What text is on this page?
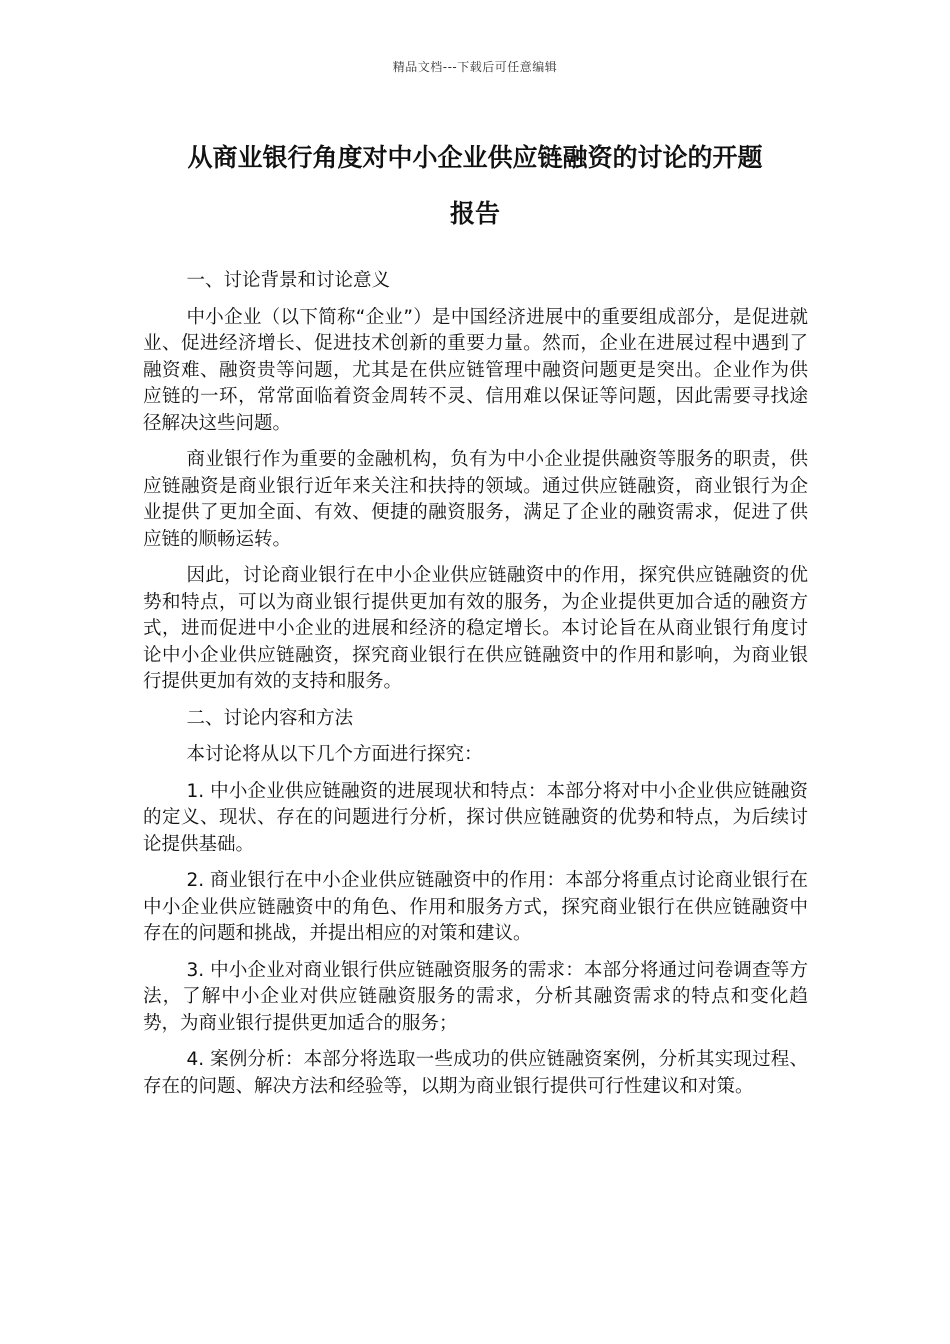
精品文档---下载后可任意编辑
从商业银行角度对中小企业供应链融资的讨论的开题
报告

一、讨论背景和讨论意义

中小企业（以下简称“企业”）是中国经济进展中的重要组成部分，是促进就业、促进经济增长、促进技术创新的重要力量。然而，企业在进展过程中遇到了融资难、融资贵等问题，尤其是在供应链管理中融资问题更是突出。企业作为供应链的一环，常常面临着资金周转不灵、信用难以保证等问题，因此需要寻找途径解决这些问题。

商业银行作为重要的金融机构，负有为中小企业提供融资等服务的职责，供应链融资是商业银行近年来关注和扶持的领域。通过供应链融资，商业银行为企业提供了更加全面、有效、便捷的融资服务，满足了企业的融资需求，促进了供应链的顺畅运转。

因此，讨论商业银行在中小企业供应链融资中的作用，探究供应链融资的优势和特点，可以为商业银行提供更加有效的服务，为企业提供更加合适的融资方式，进而促进中小企业的进展和经济的稳定增长。本讨论旨在从商业银行角度讨论中小企业供应链融资，探究商业银行在供应链融资中的作用和影响，为商业银行提供更加有效的支持和服务。

二、讨论内容和方法

本讨论将从以下几个方面进行探究：

1. 中小企业供应链融资的进展现状和特点：本部分将对中小企业供应链融资的定义、现状、存在的问题进行分析，探讨供应链融资的优势和特点，为后续讨论提供基础。

2. 商业银行在中小企业供应链融资中的作用：本部分将重点讨论商业银行在中小企业供应链融资中的角色、作用和服务方式，探究商业银行在供应链融资中存在的问题和挑战，并提出相应的对策和建议。

3. 中小企业对商业银行供应链融资服务的需求：本部分将通过问卷调查等方法，了解中小企业对供应链融资服务的需求，分析其融资需求的特点和变化趋势，为商业银行提供更加适合的服务；

4. 案例分析：本部分将选取一些成功的供应链融资案例，分析其实现过程、存在的问题、解决方法和经验等，以期为商业银行提供可行性建议和对策。
